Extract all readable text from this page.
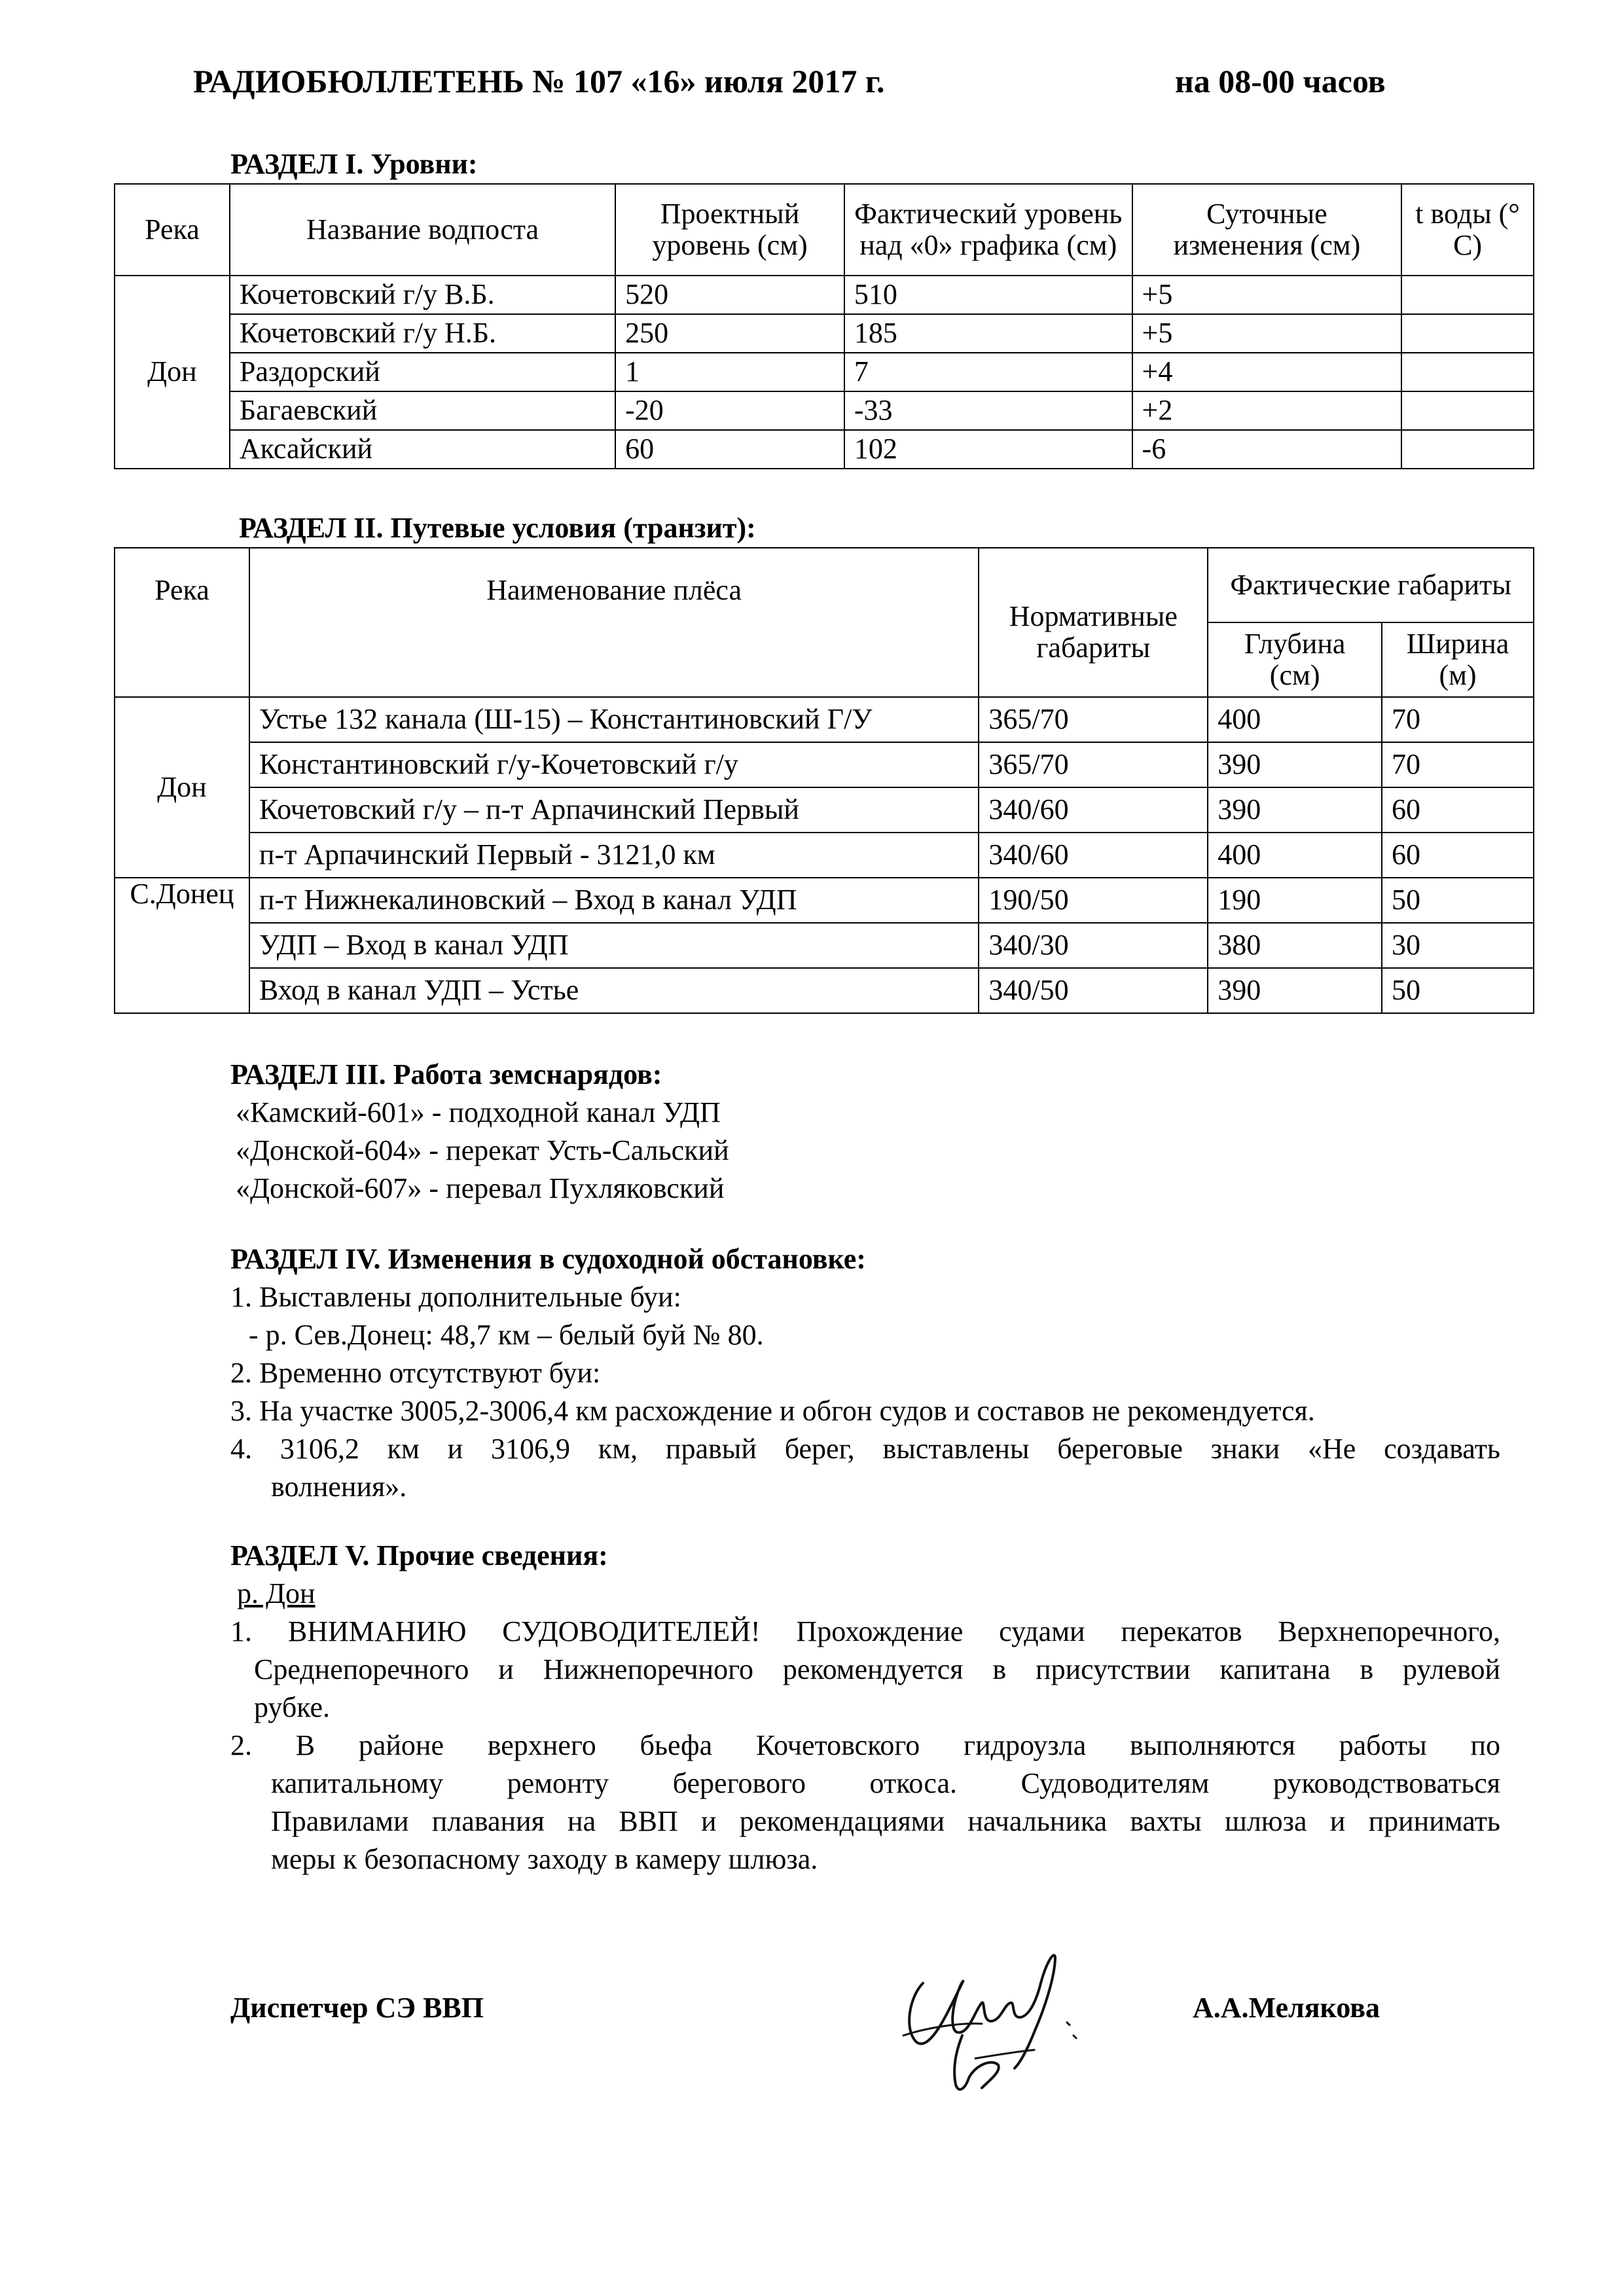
РАДИОБЮЛЛЕТЕНЬ № 107 «16» июля 2017 г.	на 08-00 часов
РАЗДЕЛ I. Уровни:
Река	Название водпоста	Проектный уровень (см)	Фактический уровень над «0» графика (см)	Суточные изменения (см)	t воды (° С)
Дон	Кочетовский г/у В.Б.	520	510	+5	
	Кочетовский г/у Н.Б.	250	185	+5	
	Раздорский	1	7	+4	
	Багаевский	-20	-33	+2	
	Аксайский	60	102	-6	
РАЗДЕЛ II. Путевые условия (транзит):
Река	Наименование плёса	Нормативные габариты	Фактические габариты	
			Глубина (см)	Ширина (м)
Дон	Устье 132 канала (Ш-15) – Константиновский Г/У	365/70	400	70
	Константиновский г/у-Кочетовский г/у	365/70	390	70
	Кочетовский г/у – п-т Арпачинский Первый	340/60	390	60
	п-т Арпачинский Первый - 3121,0 км	340/60	400	60
С.Донец	п-т Нижнекалиновский – Вход в канал УДП	190/50	190	50
	УДП – Вход в канал УДП	340/30	380	30
	Вход в канал УДП – Устье	340/50	390	50
РАЗДЕЛ III. Работа земснарядов:
«Камский-601» - подходной канал УДП
«Донской-604» - перекат Усть-Сальский
«Донской-607» - перевал Пухляковский
РАЗДЕЛ IV. Изменения в судоходной обстановке:
1. Выставлены дополнительные буи:
- р. Сев.Донец: 48,7 км – белый буй № 80.
2. Временно отсутствуют буи:
3. На участке 3005,2-3006,4 км расхождение и обгон судов и составов не рекомендуется.
4. 3106,2 км и 3106,9 км, правый берег, выставлены береговые знаки «Не создавать
волнения».
РАЗДЕЛ V. Прочие сведения:
р. Дон
1. ВНИМАНИЮ СУДОВОДИТЕЛЕЙ! Прохождение судами перекатов Верхнепоречного,
Среднепоречного и Нижнепоречного рекомендуется в присутствии капитана в рулевой
рубке.
2. В районе верхнего бьефа Кочетовского гидроузла выполняются работы по
капитальному ремонту берегового откоса. Судоводителям руководствоваться
Правилами плавания на ВВП и рекомендациями начальника вахты шлюза и принимать
меры к безопасному заходу в камеру шлюза.
Диспетчер СЭ ВВП	А.А.Мелякова
